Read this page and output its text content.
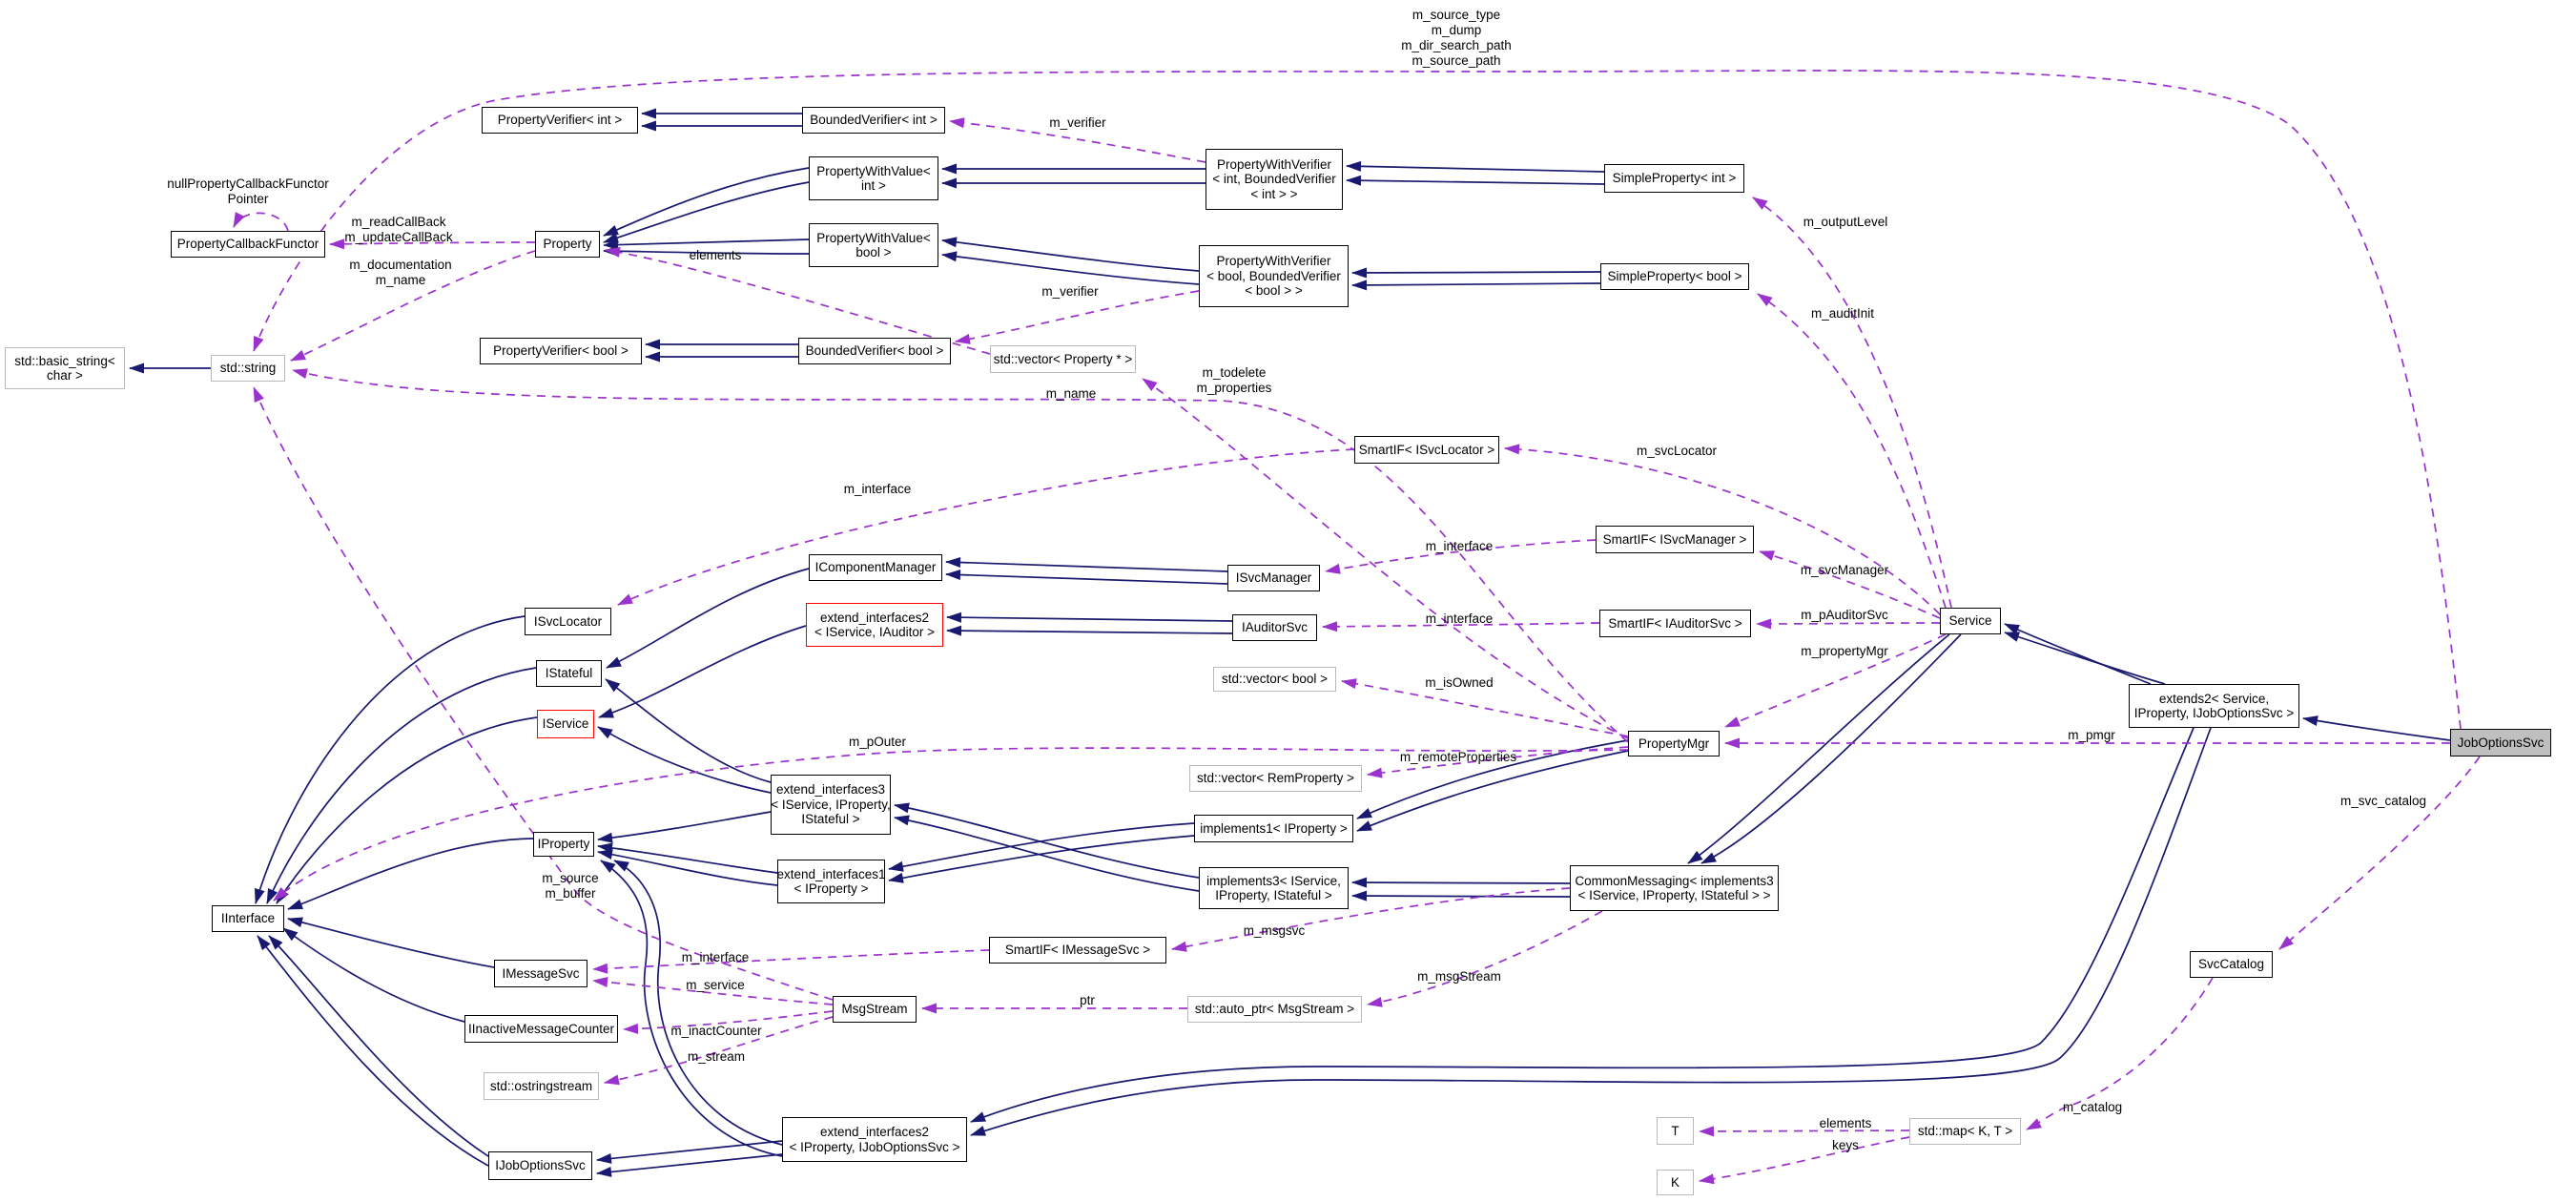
std::basic_string<
char >
std::string
PropertyCallbackFunctor
PropertyVerifier< int >	BoundedVerifier< int >
PropertyWithValue<
int >
Property	PropertyWithValue<
bool >
PropertyVerifier< bool >	BoundedVerifier< bool >
std::vector< Property * >
PropertyWithVerifier
< int, BoundedVerifier
< int > >
PropertyWithVerifier
< bool, BoundedVerifier
< bool > >
SimpleProperty< int >
SimpleProperty< bool >
SmartIF< ISvcLocator >
IComponentManager
extend_interfaces2
< IService, IAuditor >
ISvcLocator
IStateful
IService
ISvcManager
IAuditorSvc
SmartIF< ISvcManager >
SmartIF< IAuditorSvc >
std::vector< bool >
Service
PropertyMgr
std::vector< RemProperty >
extend_interfaces3
< IService, IProperty,
IStateful >
implements1< IProperty >
implements3< IService,
IProperty, IStateful >
CommonMessaging< implements3
< IService, IProperty, IStateful > >
extends2< Service,
IProperty, IJobOptionsSvc >
JobOptionsSvc
IProperty
extend_interfaces1
< IProperty >
IInterface
IMessageSvc
SmartIF< IMessageSvc >
MsgStream	std::auto_ptr< MsgStream >
IInactiveMessageCounter
std::ostringstream
extend_interfaces2
< IProperty, IJobOptionsSvc >
IJobOptionsSvc
SvcCatalog
T
K
std::map< K, T >
m_source_type
m_dump
m_dir_search_path
m_source_path
nullPropertyCallbackFunctor
Pointer
m_readCallBack
m_updateCallBack
m_documentation
m_name
m_verifier
m_verifier
elements
m_outputLevel
m_auditInit
m_todelete
m_properties
m_name
m_svcLocator
m_interface
m_interface
m_interface
m_svcManager
m_pAuditorSvc
m_propertyMgr
m_isOwned
m_remoteProperties
m_pOuter	m_pmgr
m_source
m_buffer
m_interface
m_service
m_msgsvc
m_msgStream
m_inactCounter
m_stream
ptr
elements
keys
m_catalog
m_svc_catalog
